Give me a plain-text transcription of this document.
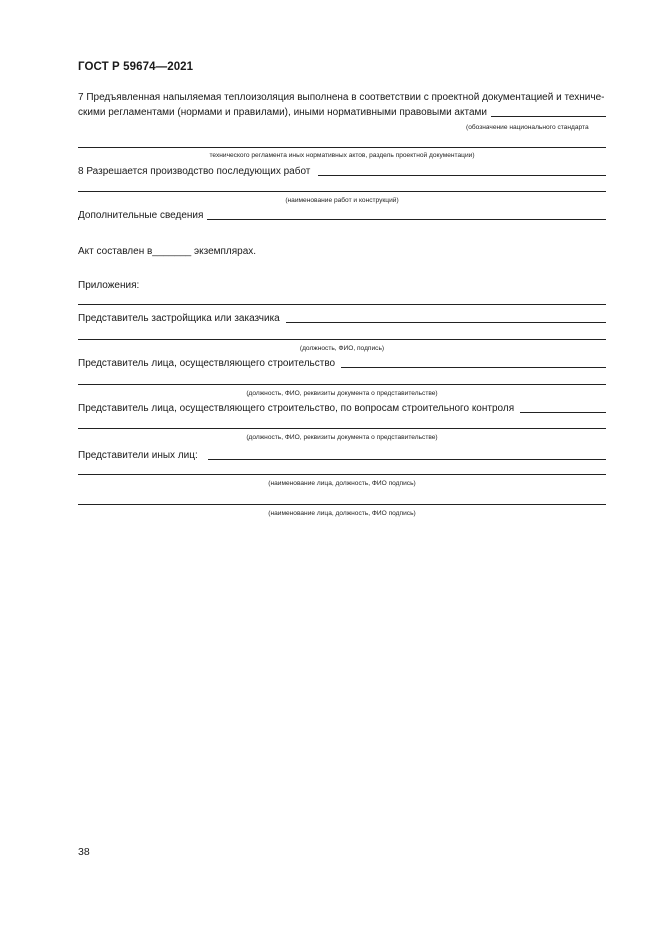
ГОСТ Р 59674—2021
7 Предъявленная напыляемая теплоизоляция выполнена в соответствии с проектной документацией и техниче-
скими регламентами (нормами и правилами), иными нормативными правовыми актами
(обозначение национального стандарта
технического регламента иных нормативных актов, раздель проектной документации)
8 Разрешается производство последующих работ
(наименование работ и конструкций)
Дополнительные сведения
Акт составлен в_______ экземплярах.
Приложения:
Представитель застройщика или заказчика
(должность, ФИО, подпись)
Представитель лица, осуществляющего строительство
(должность, ФИО, реквизиты документа о представительстве)
Представитель лица, осуществляющего строительство, по вопросам строительного контроля
(должность, ФИО, реквизиты документа о представительстве)
Представители иных лиц:
(наименование лица, должность, ФИО подпись)
(наименование лица, должность, ФИО подпись)
38
